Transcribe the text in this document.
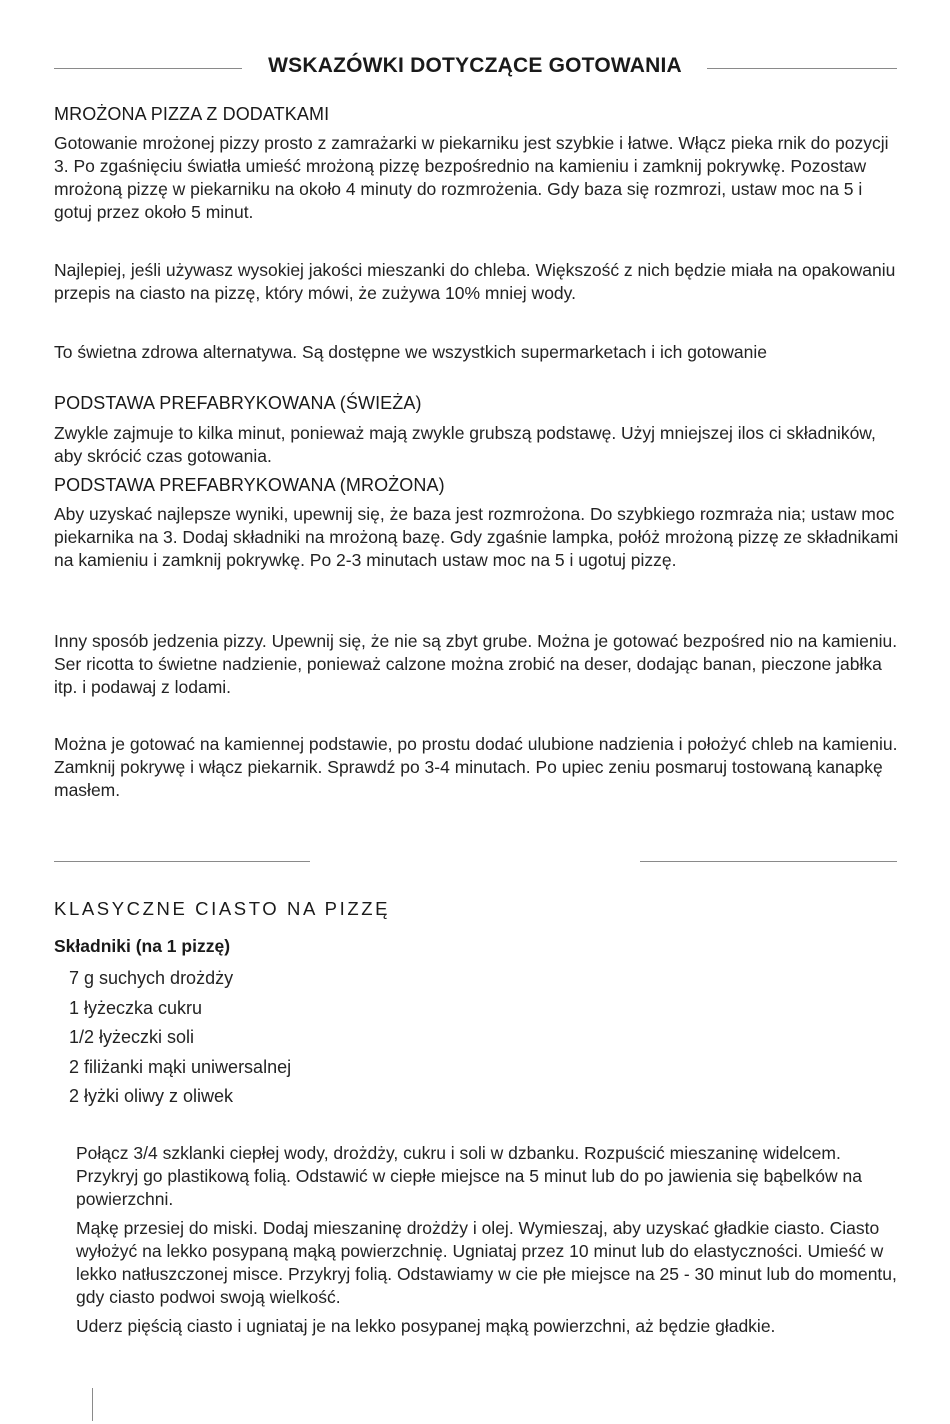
WSKAZÓWKI DOTYCZĄCE GOTOWANIA
MROŻONA PIZZA Z DODATKAMI

Gotowanie mrożonej pizzy prosto z zamrażarki w piekarniku jest szybkie i łatwe. Włącz pieka rnik do pozycji 3. Po zgaśnięciu światła umieść mrożoną pizzę bezpośrednio na kamieniu i zamknij pokrywkę. Pozostaw mrożoną pizzę w piekarniku na około 4 minuty do rozmrożenia. Gdy baza się rozmrozi, ustaw moc na 5 i gotuj przez około 5 minut.

Najlepiej, jeśli używasz wysokiej jakości mieszanki do chleba. Większość z nich będzie miała na opakowaniu przepis na ciasto na pizzę, który mówi, że zużywa 10% mniej wody.

To świetna zdrowa alternatywa. Są dostępne we wszystkich supermarketach i ich gotowanie

PODSTAWA PREFABRYKOWANA (ŚWIEŻA)

Zwykle zajmuje to kilka minut, ponieważ mają zwykle grubszą podstawę. Użyj mniejszej ilos ci składników, aby skrócić czas gotowania.

PODSTAWA PREFABRYKOWANA (MROŻONA)

Aby uzyskać najlepsze wyniki, upewnij się, że baza jest rozmrożona. Do szybkiego rozmraża nia; ustaw moc piekarnika na 3. Dodaj składniki na mrożoną bazę. Gdy zgaśnie lampka, połóż mrożoną pizzę ze składnikami na kamieniu i zamknij pokrywkę. Po 2-3 minutach ustaw moc na 5 i ugotuj pizzę.

Inny sposób jedzenia pizzy. Upewnij się, że nie są zbyt grube. Można je gotować bezpośred nio na kamieniu. Ser ricotta to świetne nadzienie, ponieważ calzone można zrobić na deser, dodając banan, pieczone jabłka itp. i podawaj z lodami.

Można je gotować na kamiennej podstawie, po prostu dodać ulubione nadzienia i położyć chleb na kamieniu. Zamknij pokrywę i włącz piekarnik. Sprawdź po 3-4 minutach. Po upiec zeniu posmaruj tostowaną kanapkę masłem.

KLASYCZNE CIASTO NA PIZZĘ
Składniki (na 1 pizzę)
7 g suchych drożdży
1 łyżeczka cukru
1/2 łyżeczki soli
2 filiżanki mąki uniwersalnej
2 łyżki oliwy z oliwek

Połącz 3/4 szklanki ciepłej wody, drożdży, cukru i soli w dzbanku. Rozpuścić mieszaninę widelcem. Przykryj go plastikową folią. Odstawić w ciepłe miejsce na 5 minut lub do po jawienia się bąbelków na powierzchni.

Mąkę przesiej do miski. Dodaj mieszaninę drożdży i olej. Wymieszaj, aby uzyskać gładkie ciasto. Ciasto wyłożyć na lekko posypaną mąką powierzchnię. Ugniataj przez 10 minut lub do elastyczności. Umieść w lekko natłuszczonej misce. Przykryj folią. Odstawiamy w cie płe miejsce na 25 - 30 minut lub do momentu, gdy ciasto podwoi swoją wielkość.

Uderz pięścią ciasto i ugniataj je na lekko posypanej mąką powierzchni, aż będzie gładkie.
